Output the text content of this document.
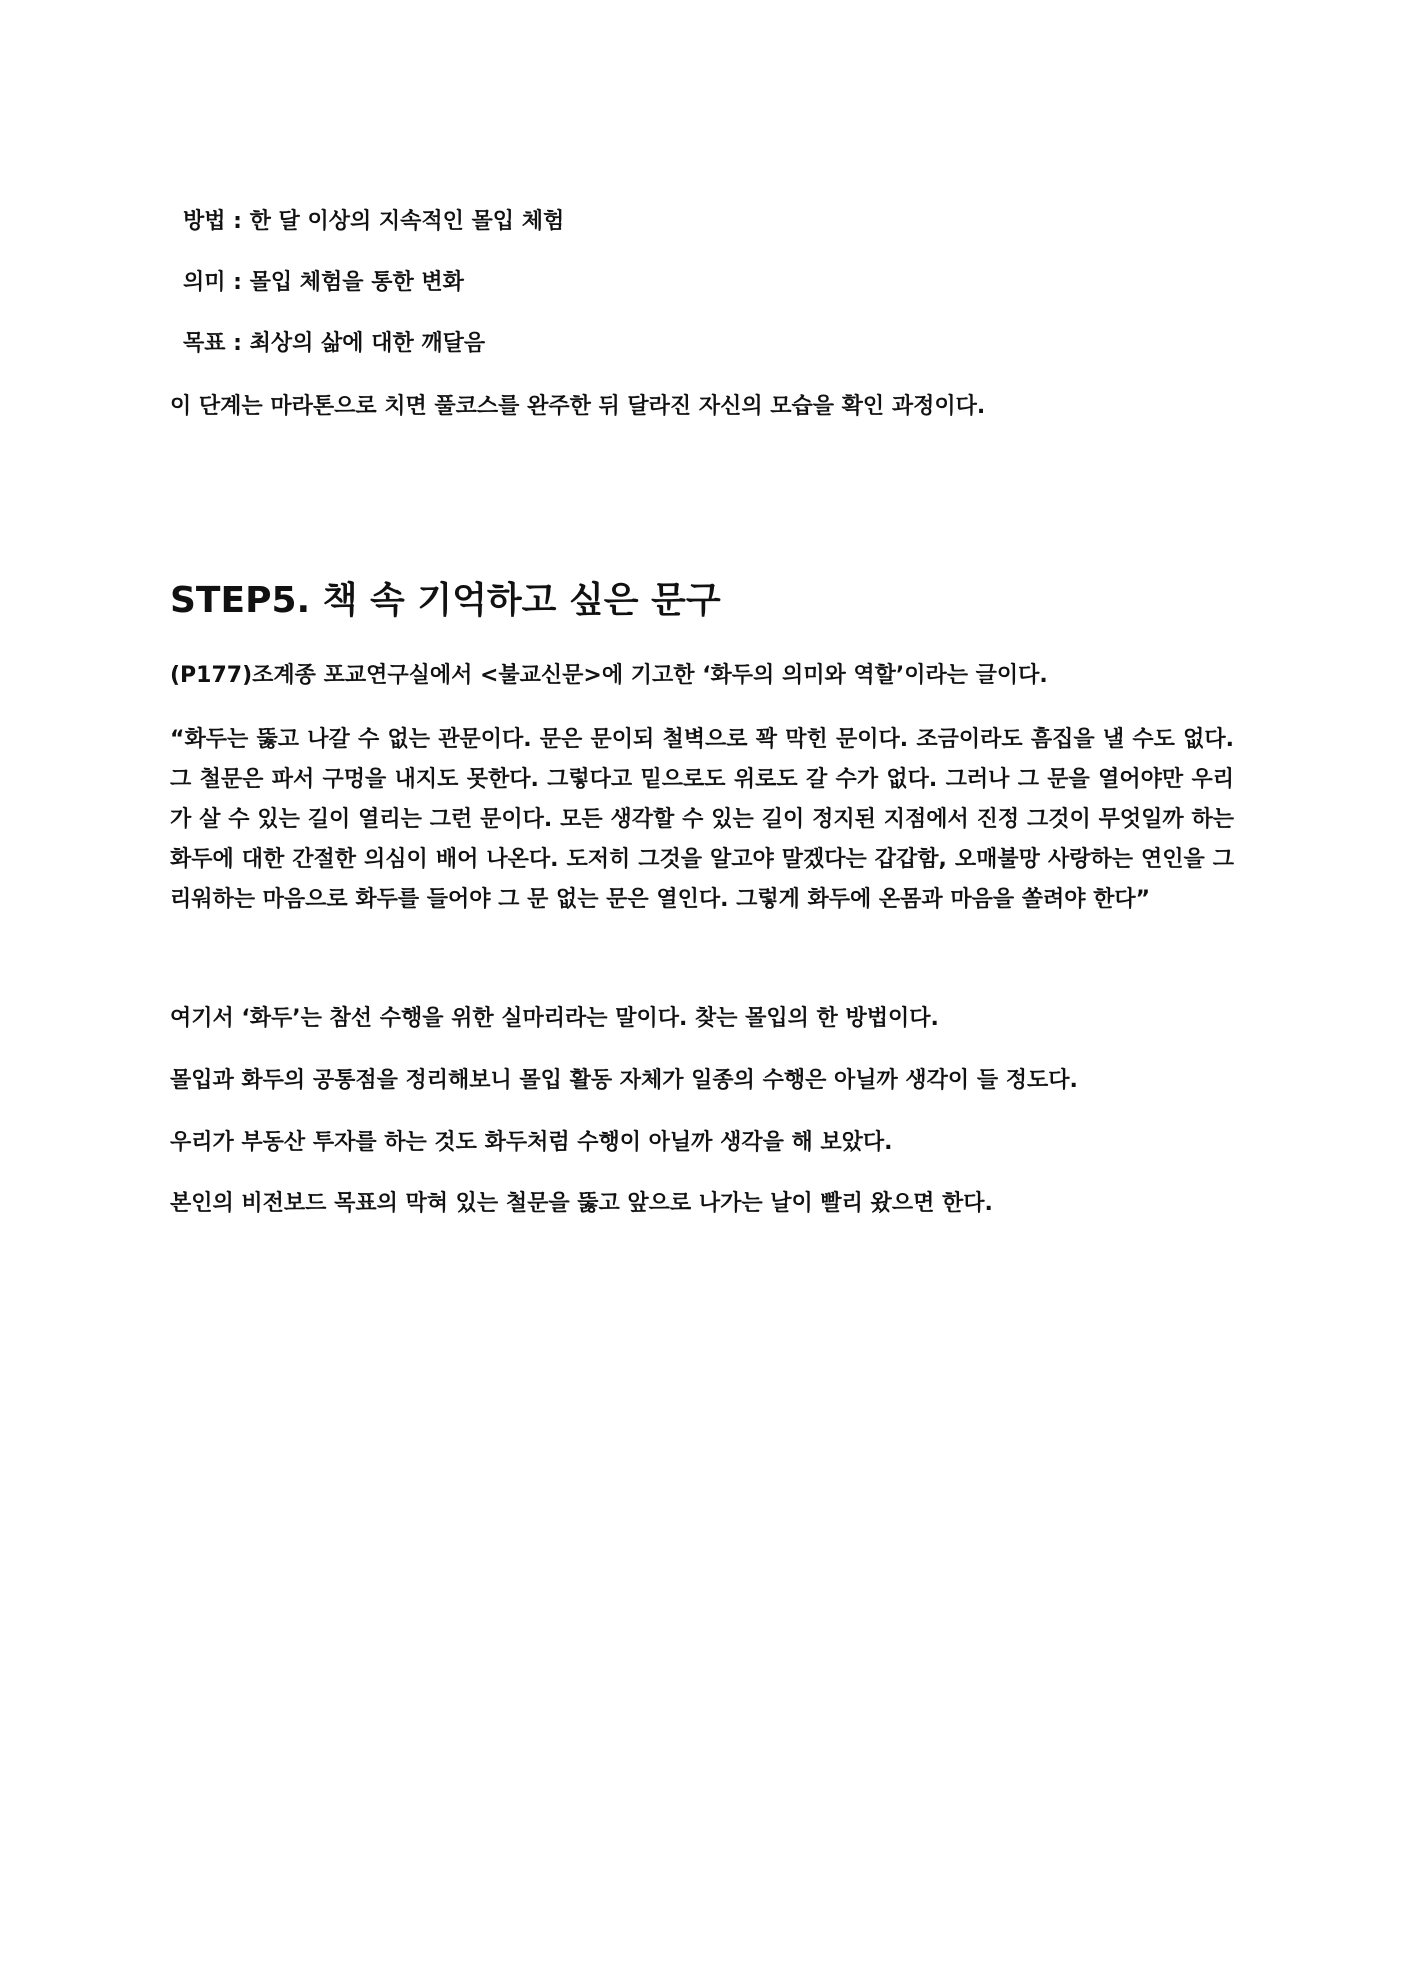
방법 : 한 달 이상의 지속적인 몰입 체험

의미 : 몰입 체험을 통한 변화

목표 : 최상의 삶에 대한 깨달음

이 단계는 마라톤으로 치면 풀코스를 완주한 뒤 달라진 자신의 모습을 확인 과정이다.

STEP5. 책 속 기억하고 싶은 문구

(P177)조계종 포교연구실에서 <불교신문>에 기고한 ‘화두의 의미와 역할’이라는 글이다.

“화두는 뚫고 나갈 수 없는 관문이다. 문은 문이되 철벽으로 꽉 막힌 문이다. 조금이라도 흠집을 낼 수도 없다. 그 철문은 파서 구멍을 내지도 못한다. 그렇다고 밑으로도 위로도 갈 수가 없다. 그러나 그 문을 열어야만 우리가 살 수 있는 길이 열리는 그런 문이다. 모든 생각할 수 있는 길이 정지된 지점에서 진정 그것이 무엇일까 하는 화두에 대한 간절한 의심이 배어 나온다. 도저히 그것을 알고야 말겠다는 갑갑함, 오매불망 사랑하는 연인을 그리워하는 마음으로 화두를 들어야 그 문 없는 문은 열인다. 그렇게 화두에 온몸과 마음을 쏠려야 한다”

여기서 ‘화두’는 참선 수행을 위한 실마리라는 말이다. 찾는 몰입의 한 방법이다.

몰입과 화두의 공통점을 정리해보니 몰입 활동 자체가 일종의 수행은 아닐까 생각이 들 정도다.

우리가 부동산 투자를 하는 것도 화두처럼 수행이 아닐까 생각을 해 보았다.

본인의 비전보드 목표의 막혀 있는 철문을 뚫고 앞으로 나가는 날이 빨리 왔으면 한다.
